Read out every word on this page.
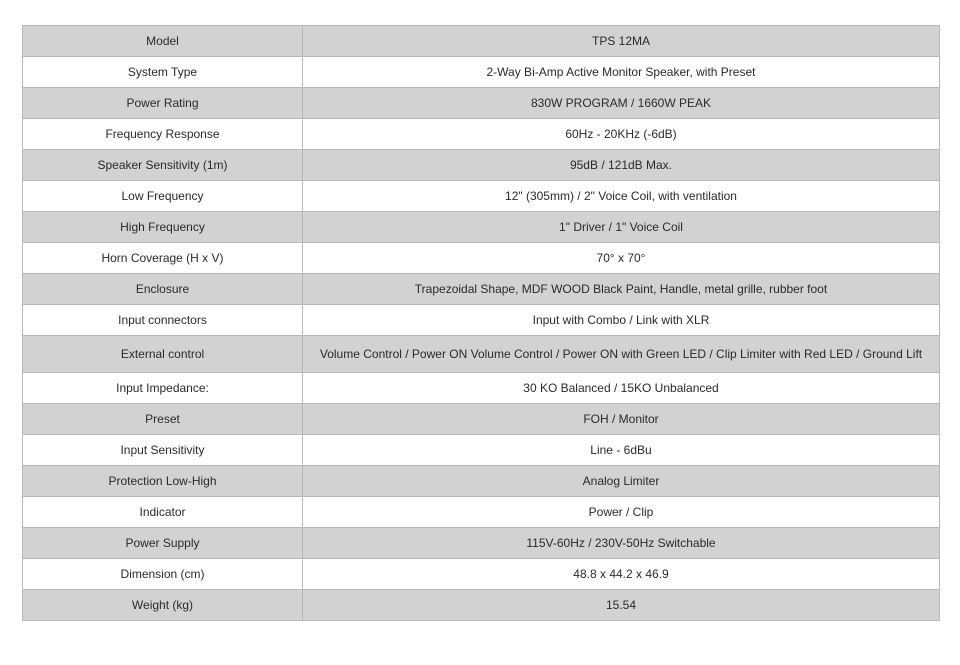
Model	TPS 12MA
System Type	2-Way Bi-Amp Active Monitor Speaker, with Preset
Power Rating	830W PROGRAM / 1660W PEAK
Frequency Response	60Hz - 20KHz (-6dB)
Speaker Sensitivity (1m)	95dB / 121dB Max.
Low Frequency	12" (305mm) / 2" Voice Coil, with ventilation
High Frequency	1" Driver / 1" Voice Coil
Horn Coverage (H x V)	70° x 70°
Enclosure	Trapezoidal Shape, MDF WOOD Black Paint, Handle, metal grille, rubber foot
Input connectors	Input with Combo / Link with XLR
External control	Volume Control / Power ON Volume Control / Power ON with Green LED / Clip Limiter with Red LED / Ground Lift
Input Impedance:	30 KO Balanced / 15KO Unbalanced
Preset	FOH / Monitor
Input Sensitivity	Line - 6dBu
Protection Low-High	Analog Limiter
Indicator	Power / Clip
Power Supply	115V-60Hz / 230V-50Hz Switchable
Dimension (cm)	48.8 x 44.2 x 46.9
Weight (kg)	15.54
